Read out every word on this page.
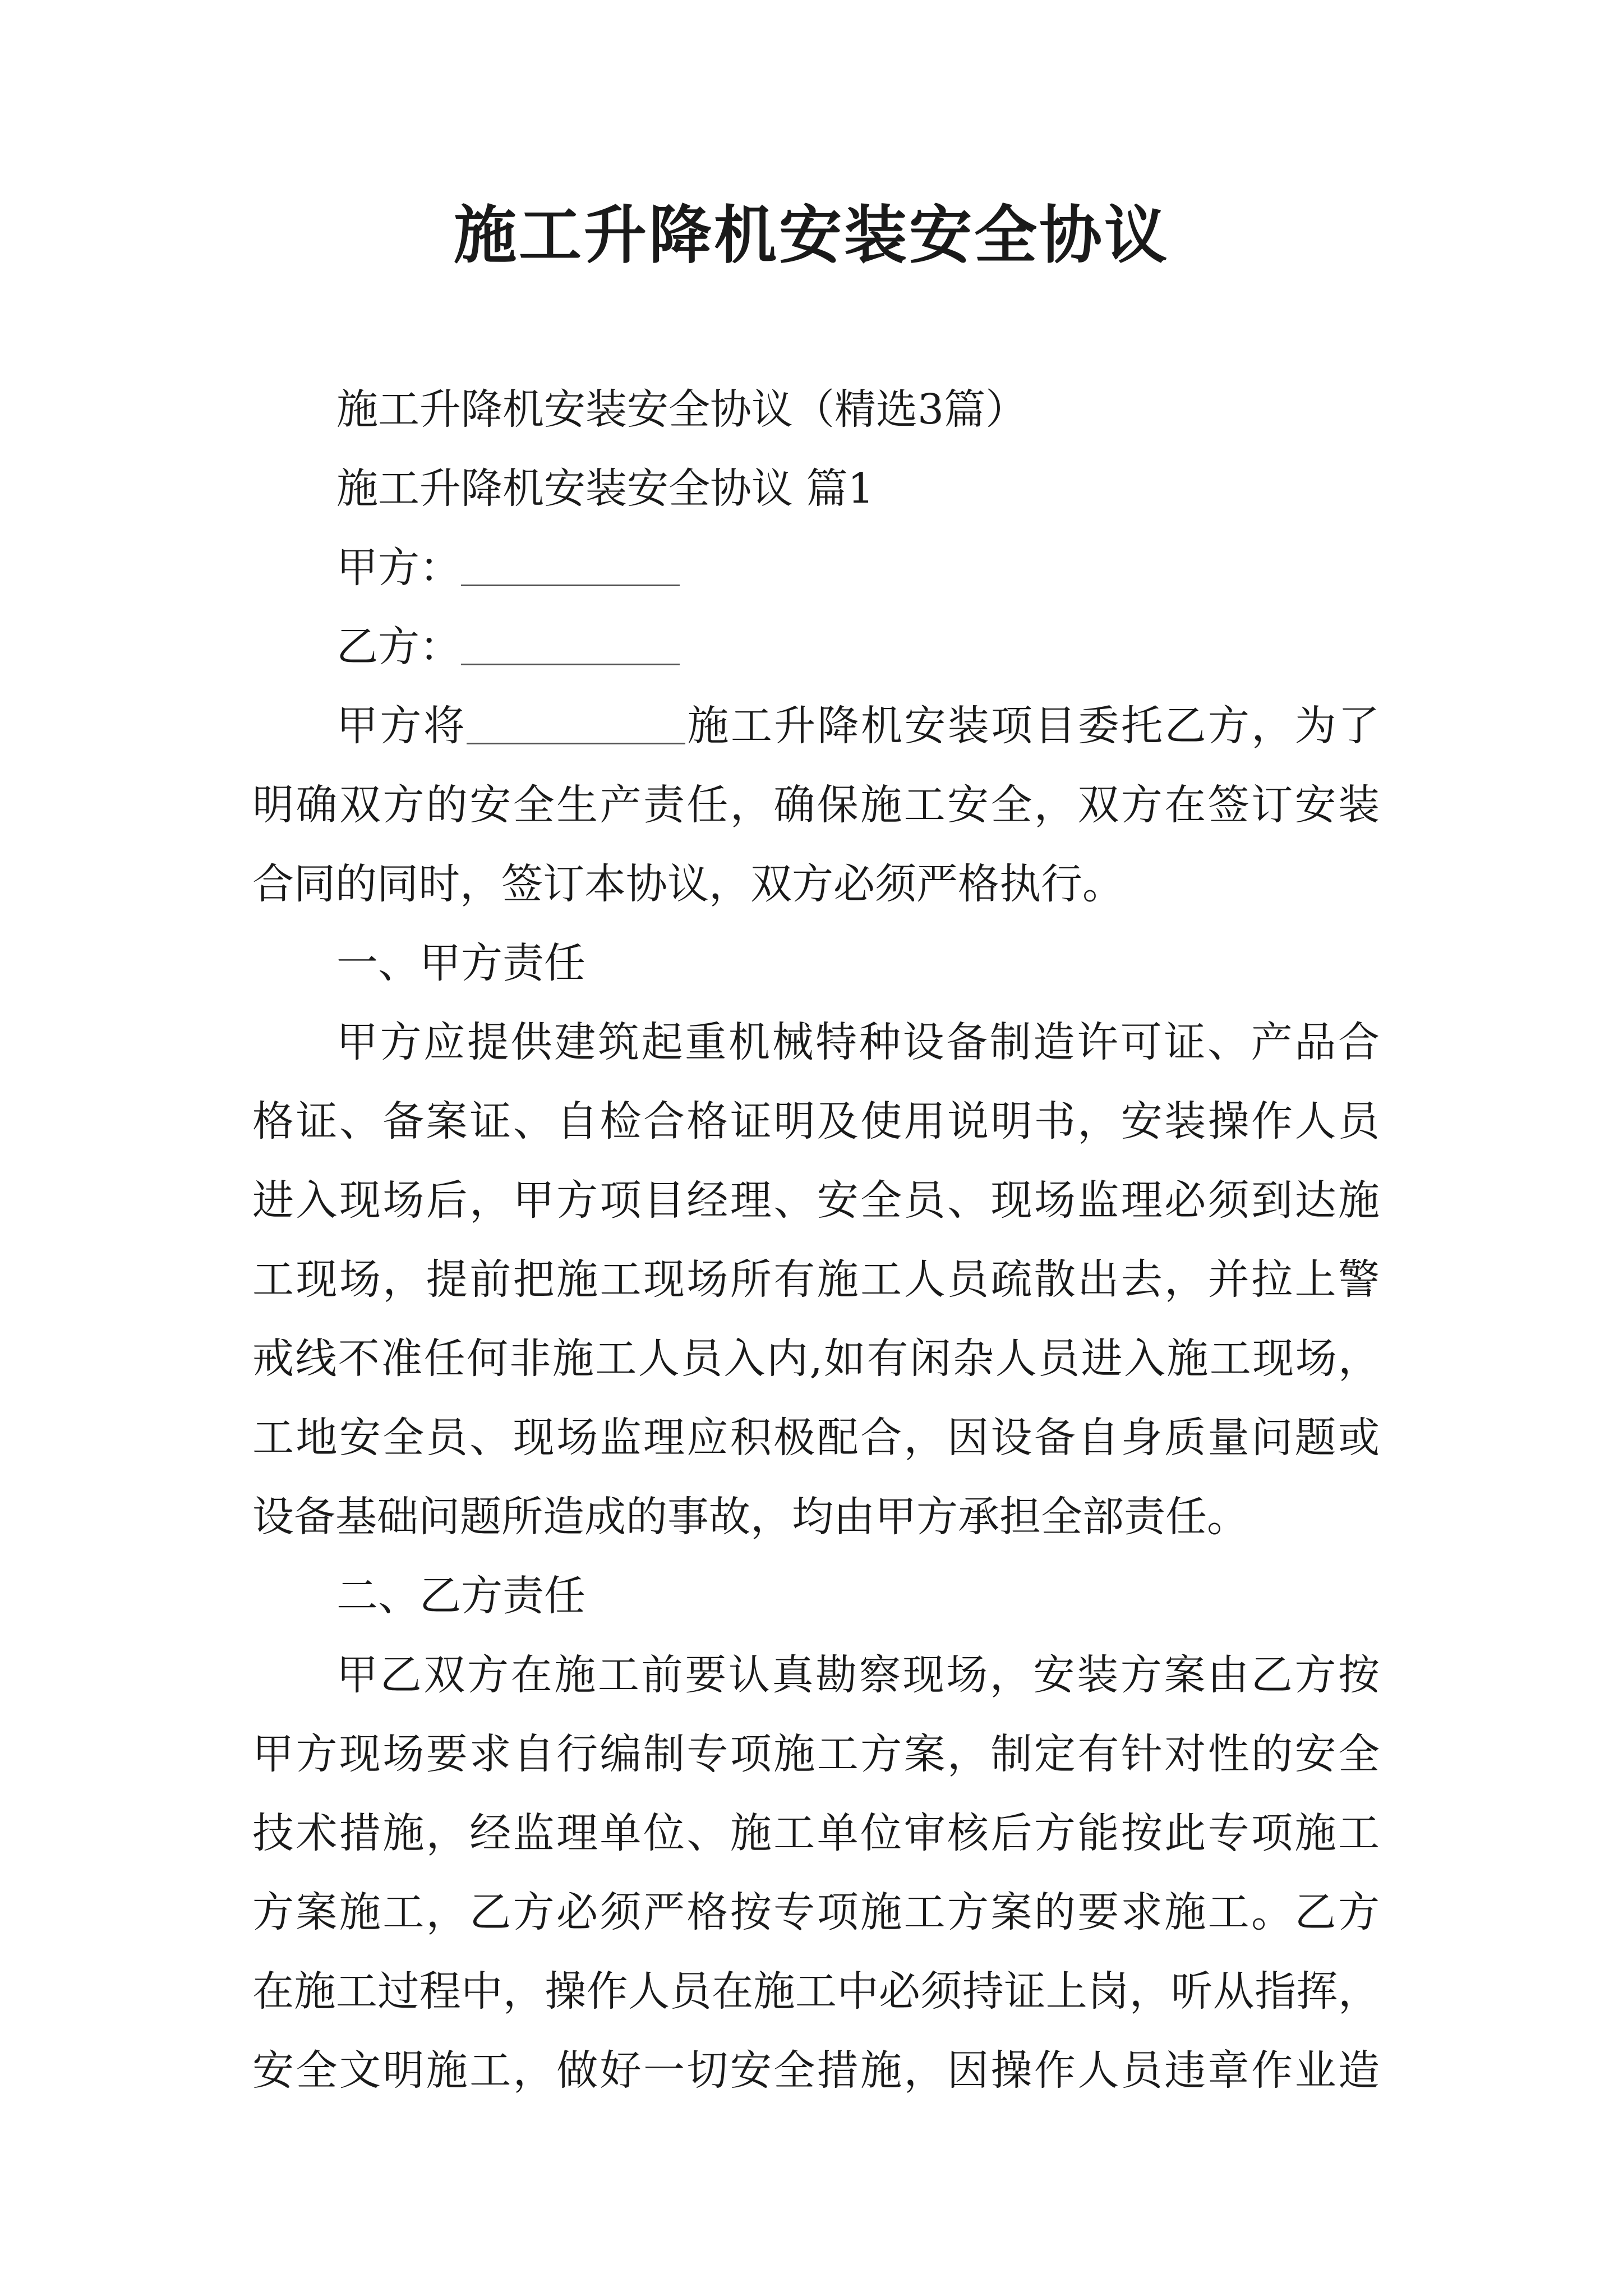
施工升降机安装安全协议
施工升降机安装安全协议（精选3篇）
施工升降机安装安全协议 篇1
甲方：
乙方：
甲方将	施工升降机安装项目委托乙方，为了
明确双方的安全生产责任，确保施工安全，双方在签订安装
合同的同时，签订本协议，双方必须严格执行。
一、甲方责任
甲方应提供建筑起重机械特种设备制造许可证、产品合
格证、备案证、自检合格证明及使用说明书，安装操作人员
进入现场后，甲方项目经理、安全员、现场监理必须到达施
工现场，提前把施工现场所有施工人员疏散出去，并拉上警
戒线不准任何非施工人员入内,如有闲杂人员进入施工现场，
工地安全员、现场监理应积极配合，因设备自身质量问题或
设备基础问题所造成的事故，均由甲方承担全部责任。
二、乙方责任
甲乙双方在施工前要认真勘察现场，安装方案由乙方按
甲方现场要求自行编制专项施工方案，制定有针对性的安全
技术措施，经监理单位、施工单位审核后方能按此专项施工
方案施工，乙方必须严格按专项施工方案的要求施工。乙方
在施工过程中，操作人员在施工中必须持证上岗，听从指挥，
安全文明施工，做好一切安全措施，因操作人员违章作业造
